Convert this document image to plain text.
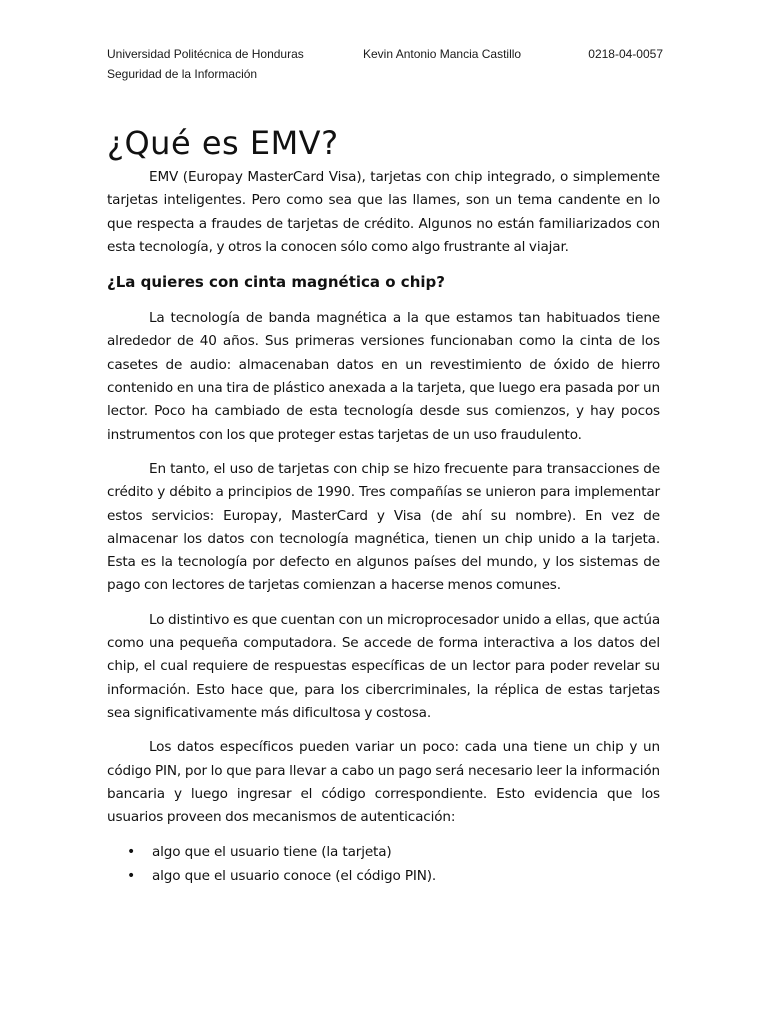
Universidad Politécnica de Honduras	Kevin Antonio Mancia Castillo	0218-04-0057
Seguridad de la Información
¿Qué es EMV?

EMV (Europay MasterCard Visa), tarjetas con chip integrado, o simplemente tarjetas inteligentes. Pero como sea que las llames, son un tema candente en lo que respecta a fraudes de tarjetas de crédito. Algunos no están familiarizados con esta tecnología, y otros la conocen sólo como algo frustrante al viajar.

¿La quieres con cinta magnética o chip?

La tecnología de banda magnética a la que estamos tan habituados tiene alrededor de 40 años. Sus primeras versiones funcionaban como la cinta de los casetes de audio: almacenaban datos en un revestimiento de óxido de hierro contenido en una tira de plástico anexada a la tarjeta, que luego era pasada por un lector. Poco ha cambiado de esta tecnología desde sus comienzos, y hay pocos instrumentos con los que proteger estas tarjetas de un uso fraudulento.

En tanto, el uso de tarjetas con chip se hizo frecuente para transacciones de crédito y débito a principios de 1990. Tres compañías se unieron para implementar estos servicios: Europay, MasterCard y Visa (de ahí su nombre). En vez de almacenar los datos con tecnología magnética, tienen un chip unido a la tarjeta. Esta es la tecnología por defecto en algunos países del mundo, y los sistemas de pago con lectores de tarjetas comienzan a hacerse menos comunes.

Lo distintivo es que cuentan con un microprocesador unido a ellas, que actúa como una pequeña computadora. Se accede de forma interactiva a los datos del chip, el cual requiere de respuestas específicas de un lector para poder revelar su información. Esto hace que, para los cibercriminales, la réplica de estas tarjetas sea significativamente más dificultosa y costosa.

Los datos específicos pueden variar un poco: cada una tiene un chip y un código PIN, por lo que para llevar a cabo un pago será necesario leer la información bancaria y luego ingresar el código correspondiente. Esto evidencia que los usuarios proveen dos mecanismos de autenticación:

• algo que el usuario tiene (la tarjeta)
• algo que el usuario conoce (el código PIN).
